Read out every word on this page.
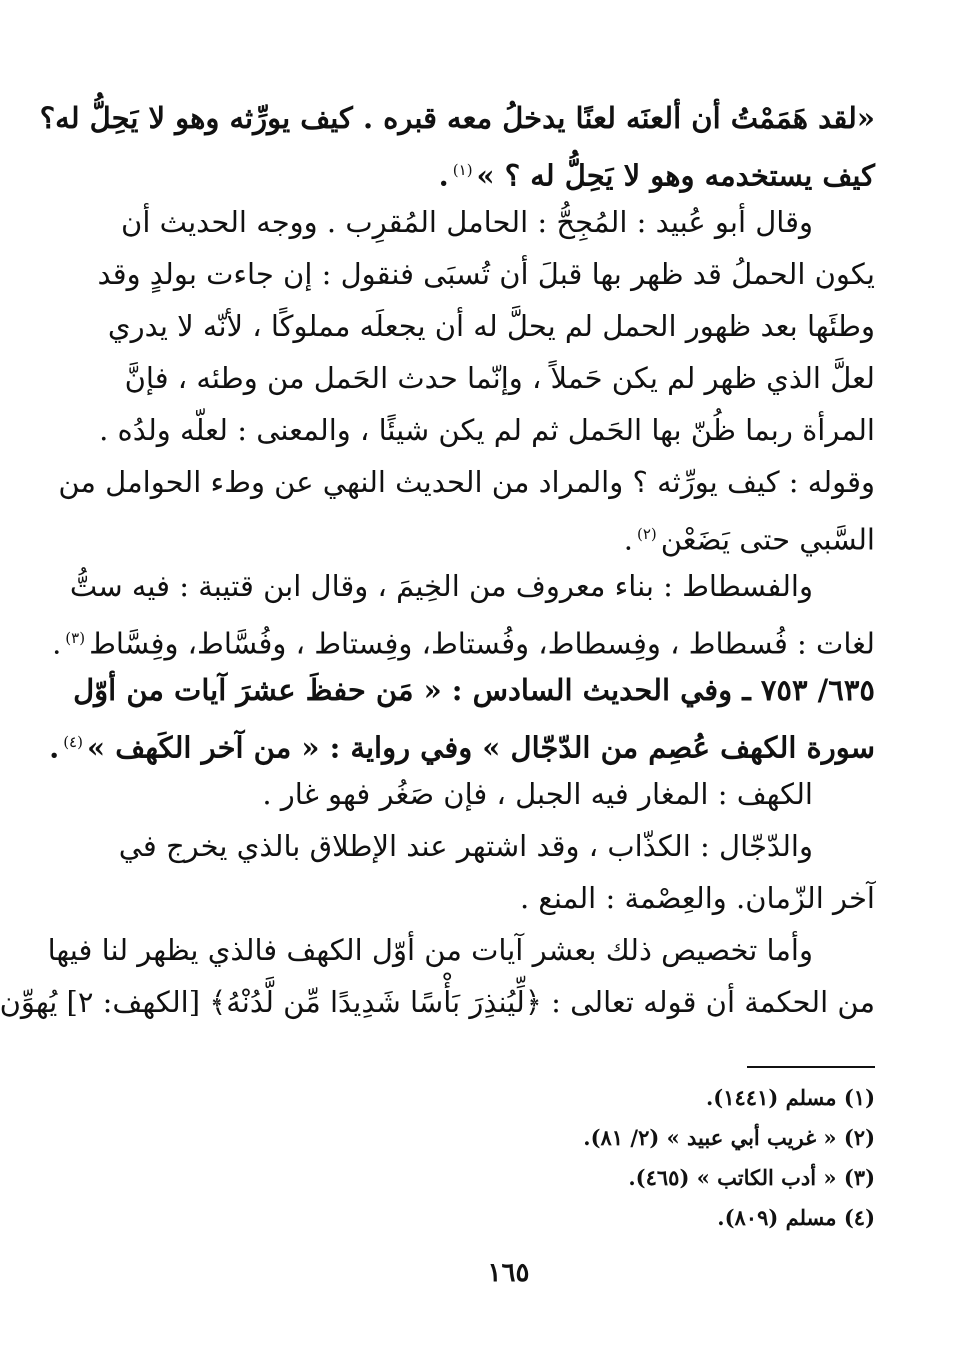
«لقد هَمَمْتُ أن ألعنَه لعنًا يدخلُ معه قبره . كيف يورِّثه وهو لا يَحِلُّ له؟
كيف يستخدمه وهو لا يَحِلُّ له ؟ »$^{(١)}$.
وقال أبو عُبيد : المُجِحُّ : الحامل المُقرِب . ووجه الحديث أن
يكون الحملُ قد ظهر بها قبلَ أن تُسبَى فنقول : إن جاءت بولدٍ وقد
وطئَها بعد ظهور الحمل لم يحلَّ له أن يجعلَه مملوكًا ، لأنّه لا يدري
لعلَّ الذي ظهر لم يكن حَملاً ، وإنّما حدث الحَمل من وطئه ، فإنَّ
المرأة ربما ظُنّ بها الحَمل ثم لم يكن شيئًا ، والمعنى : لعلّه ولدُه .
وقوله : كيف يورِّثه ؟ والمراد من الحديث النهي عن وطء الحوامل من
السَّبي حتى يَضَعْن$^{(٢)}$.
والفسطاط : بناء معروف من الخِيمَ ، وقال ابن قتيبة : فيه ستُّ
لغات : فُسطاط ، وفِسطاط، وفُستاط، وفِستاط ، وفُسَّاط، وفِسَّاط$^{(٣)}$.
٦٣٥/ ٧٥٣ ـ وفي الحديث السادس : « مَن حفظَ عشرَ آيات من أوّل
سورة الكهف عُصِم من الدّجّال » وفي رواية : « من آخر الكَهف »$^{(٤)}$.
الكهف : المغار فيه الجبل ، فإن صَغُر فهو غار .
والدّجّال : الكذّاب ، وقد اشتهر عند الإطلاق بالذي يخرج في
آخر الزّمان. والعِصْمة : المنع .
وأما تخصيص ذلك بعشر آيات من أوّل الكهف فالذي يظهر لنا فيها
من الحكمة أن قوله تعالى : ﴿لِّيُنذِرَ بَأْسًا شَدِيدًا مِّن لَّدُنْهُ﴾ [الكهف: ٢] يُهوِّن
(١) مسلم (١٤٤١).
(٢) « غريب أبي عبيد » (٢/ ٨١).
(٣) « أدب الكاتب » (٤٦٥).
(٤) مسلم (٨٠٩).
١٦٥
